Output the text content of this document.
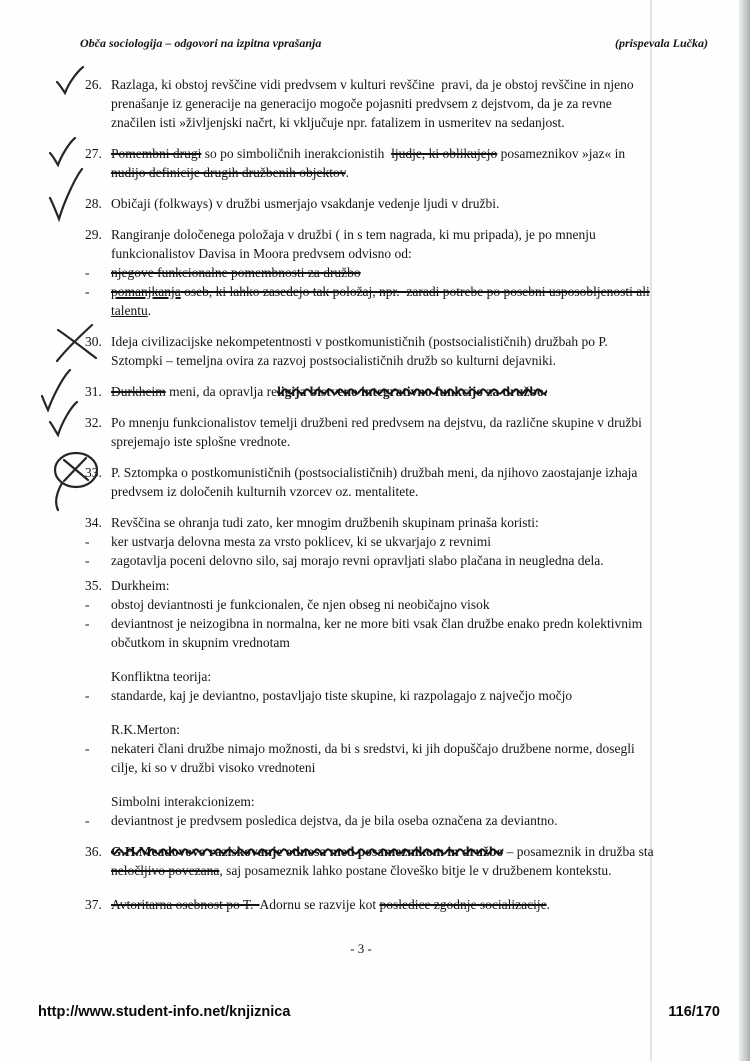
Obča sociologija – odgovori na izpitna vprašanja	(prispevala Lučka)
26. Razlaga, ki obstoj revščine vidi predvsem v kulturi revščine  pravi, da je obstoj revščine in njeno
prenašanje iz generacije na generacijo mogoče pojasniti predvsem z dejstvom, da je za revne
značilen isti »življenjski načrt, ki vključuje npr. fatalizem in usmeritev na sedanjost.
27. Pomembni drugi so po simboličnih inerakcionistih  ljudje, ki oblikujejo posameznikov »jaz« in
nudijo definicije drugih družbenih objektov.
28. Običaji (folkways) v družbi usmerjajo vsakdanje vedenje ljudi v družbi.
29. Rangiranje določenega položaja v družbi ( in s tem nagrada, ki mu pripada), je po mnenju
funkcionalistov Davisa in Moora predvsem odvisno od:
-	njegove funkcionalne pomembnosti za družbo
-	pomanjkanja oseb, ki lahko zasedejo tak položaj, npr.  zaradi potrebe po posebni usposobljenosti ali
talentu.
30. Ideja civilizacijske nekompetentnosti v postkomunističnih (postsocialističnih) družbah po P.
Sztompki – temeljna ovira za razvoj postsocialističnih družb so kulturni dejavniki.
31. Durkheim meni, da opravlja religija bistveno integrativno funkcijo za družbo.
32. Po mnenju funkcionalistov temelji družbeni red predvsem na dejstvu, da različne skupine v družbi
sprejemajo iste splošne vrednote.
33. P. Sztompka o postkomunističnih (postsocialističnih) družbah meni, da njihovo zaostajanje izhaja
predvsem iz določenih kulturnih vzorcev oz. mentalitete.
34. Revščina se ohranja tudi zato, ker mnogim družbenih skupinam prinaša koristi:
-	ker ustvarja delovna mesta za vrsto poklicev, ki se ukvarjajo z revnimi
-	zagotavlja poceni delovno silo, saj morajo revni opravljati slabo plačana in neugledna dela.
35. Durkheim:
-	obstoj deviantnosti je funkcionalen, če njen obseg ni neobičajno visok
-	deviantnost je neizogibna in normalna, ker ne more biti vsak član družbe enako predn kolektivnim
občutkom in skupnim vrednotam
Konfliktna teorija:
-	standarde, kaj je deviantno, postavljajo tiste skupine, ki razpolagajo z največjo močjo
R.K.Merton:
-	nekateri člani družbe nimajo možnosti, da bi s sredstvi, ki jih dopuščajo družbene norme, dosegli
cilje, ki so v družbi visoko vrednoteni
Simbolni interakcionizem:
-	deviantnost je predvsem posledica dejstva, da je bila oseba označena za deviantno.
36. G.H.Meadovovo raziskovanje odnosa med posameznikom in družbo – posameznik in družba sta
neločljivo povezana, saj posameznik lahko postane človeško bitje le v družbenem kontekstu.
37. Avtoritarna osebnost po T.  Adornu se razvije kot posledice zgodnje socializacije.
- 3 -
http://www.student-info.net/knjiznica	116/170
